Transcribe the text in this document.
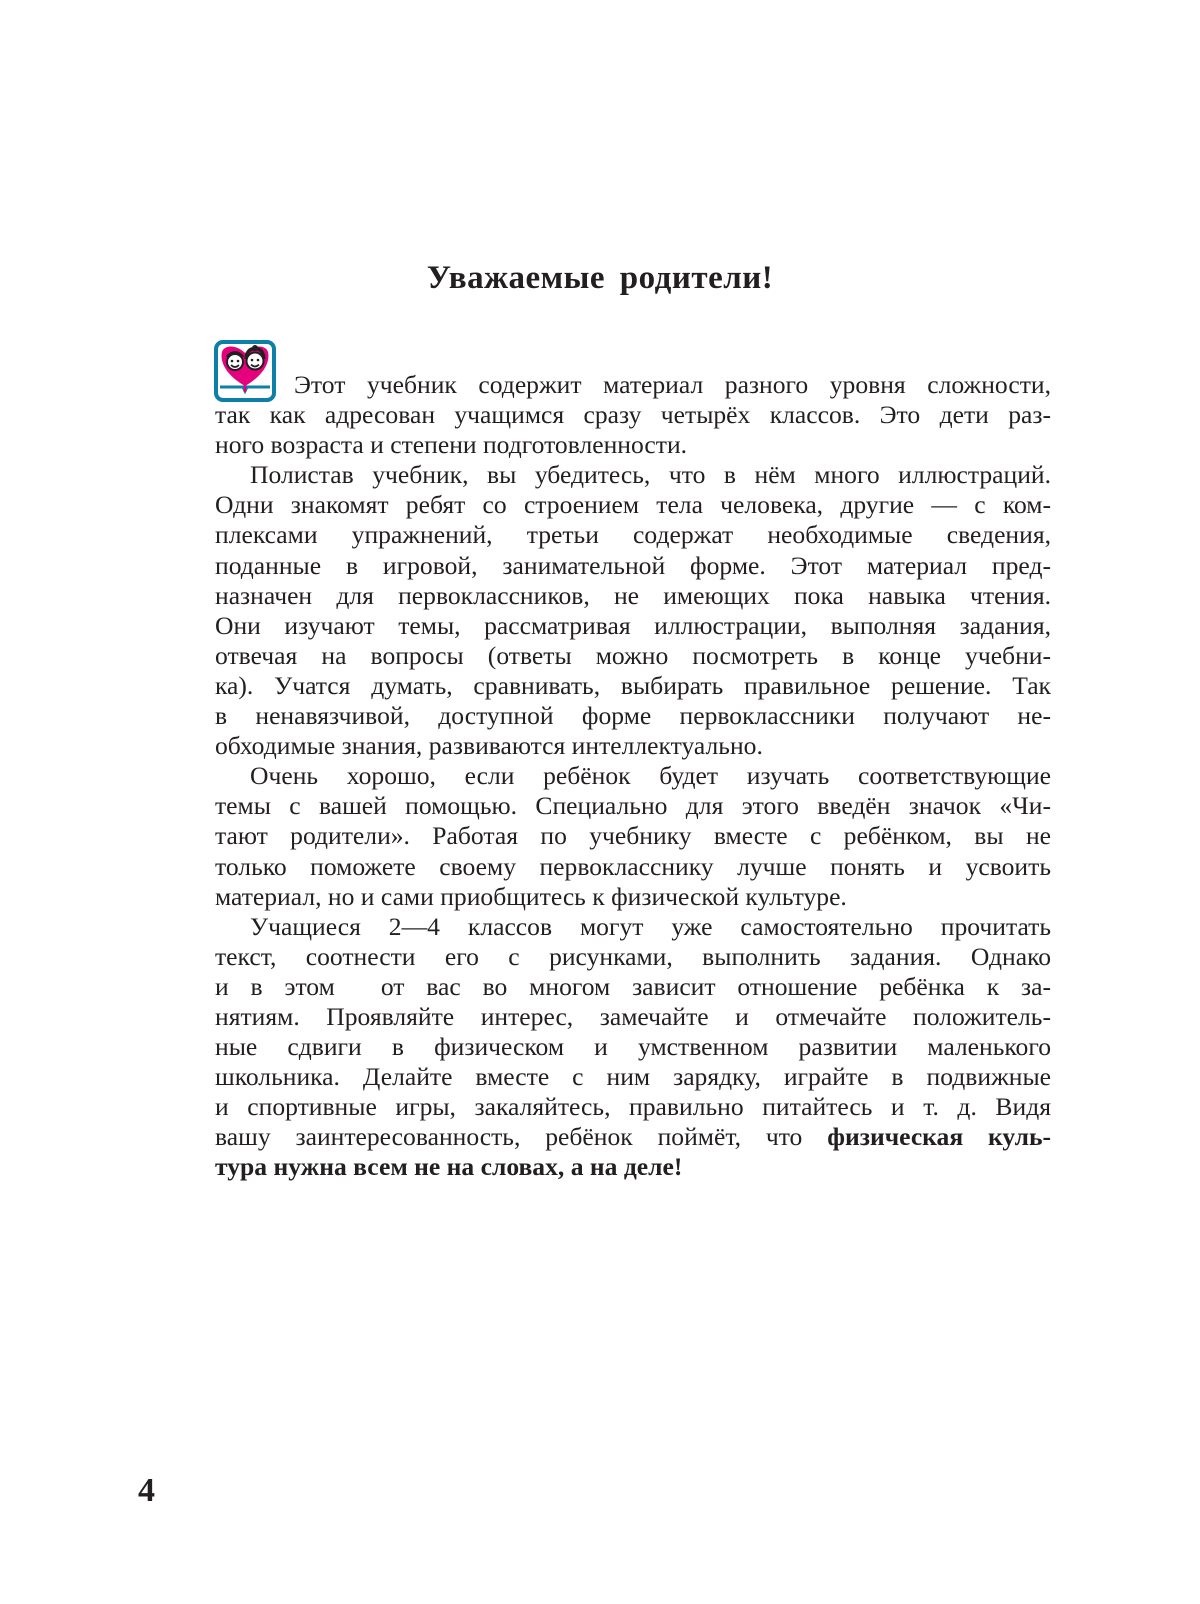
Уважаемые родители!
Этот учебник содержит материал разного уровня сложности,
так как адресован учащимся сразу четырёх классов. Это дети раз-
ного возраста и степени подготовленности.
Полистав учебник, вы убедитесь, что в нём много иллюстраций.
Одни знакомят ребят со строением тела человека, другие — с ком-
плексами упражнений, третьи содержат необходимые сведения,
поданные в игровой, занимательной форме. Этот материал пред-
назначен для первоклассников, не имеющих пока навыка чтения.
Они изучают темы, рассматривая иллюстрации, выполняя задания,
отвечая на вопросы (ответы можно посмотреть в конце учебни-
ка). Учатся думать, сравнивать, выбирать правильное решение. Так
в ненавязчивой, доступной форме первоклассники получают не-
обходимые знания, развиваются интеллектуально.
Очень хорошо, если ребёнок будет изучать соответствующие
темы с вашей помощью. Специально для этого введён значок «Чи-
тают родители». Работая по учебнику вместе с ребёнком, вы не
только поможете своему первокласснику лучше понять и усвоить
материал, но и сами приобщитесь к физической культуре.
Учащиеся 2—4 классов могут уже самостоятельно прочитать
текст, соотнести его с рисунками, выполнить задания. Однако
и в этом от вас во многом зависит отношение ребёнка к за-
нятиям. Проявляйте интерес, замечайте и отмечайте положитель-
ные сдвиги в физическом и умственном развитии маленького
школьника. Делайте вместе с ним зарядку, играйте в подвижные
и спортивные игры, закаляйтесь, правильно питайтесь и т. д. Видя
вашу заинтересованность, ребёнок поймёт, что физическая куль-
тура нужна всем не на словах, а на деле!

4
